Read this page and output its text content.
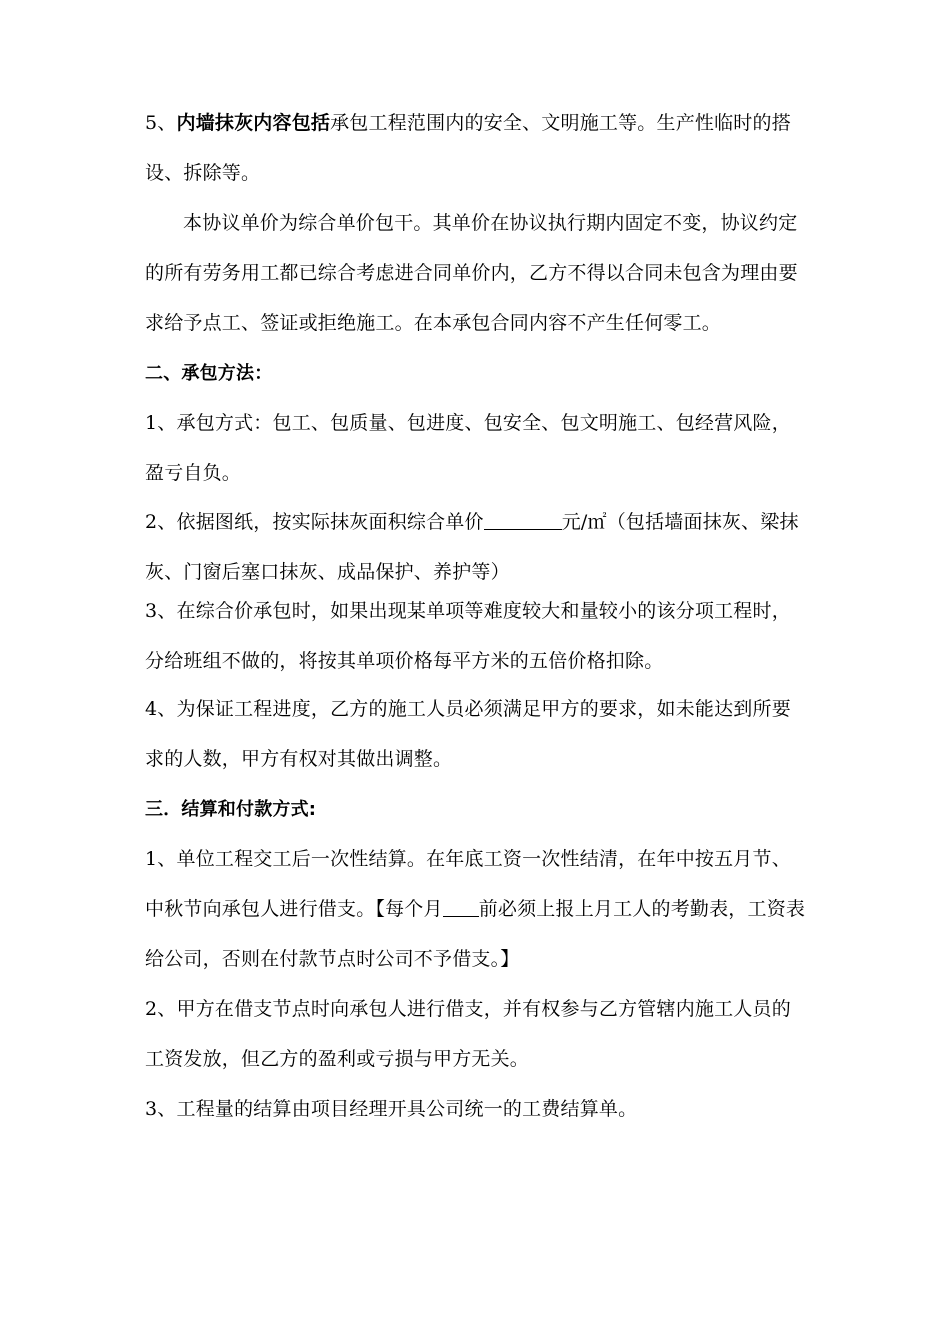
5、内墙抹灰内容包括承包工程范围内的安全、文明施工等。生产性临时的搭设、拆除等。

本协议单价为综合单价包干。其单价在协议执行期内固定不变，协议约定的所有劳务用工都已综合考虑进合同单价内，乙方不得以合同未包含为理由要求给予点工、签证或拒绝施工。在本承包合同内容不产生任何零工。

二、承包方法：

1、承包方式：包工、包质量、包进度、包安全、包文明施工、包经营风险，盈亏自负。

2、依据图纸，按实际抹灰面积综合单价	元/㎡（包括墙面抹灰、梁抹灰、门窗后塞口抹灰、成品保护、养护等）

3、在综合价承包时，如果出现某单项等难度较大和量较小的该分项工程时，分给班组不做的，将按其单项价格每平方米的五倍价格扣除。

4、为保证工程进度，乙方的施工人员必须满足甲方的要求，如未能达到所要求的人数，甲方有权对其做出调整。

三．结算和付款方式:

1、单位工程交工后一次性结算。在年底工资一次性结清，在年中按五月节、中秋节向承包人进行借支。【每个月 前必须上报上月工人的考勤表，工资表给公司，否则在付款节点时公司不予借支。】

2、甲方在借支节点时向承包人进行借支，并有权参与乙方管辖内施工人员的工资发放，但乙方的盈利或亏损与甲方无关。

3、工程量的结算由项目经理开具公司统一的工费结算单。
